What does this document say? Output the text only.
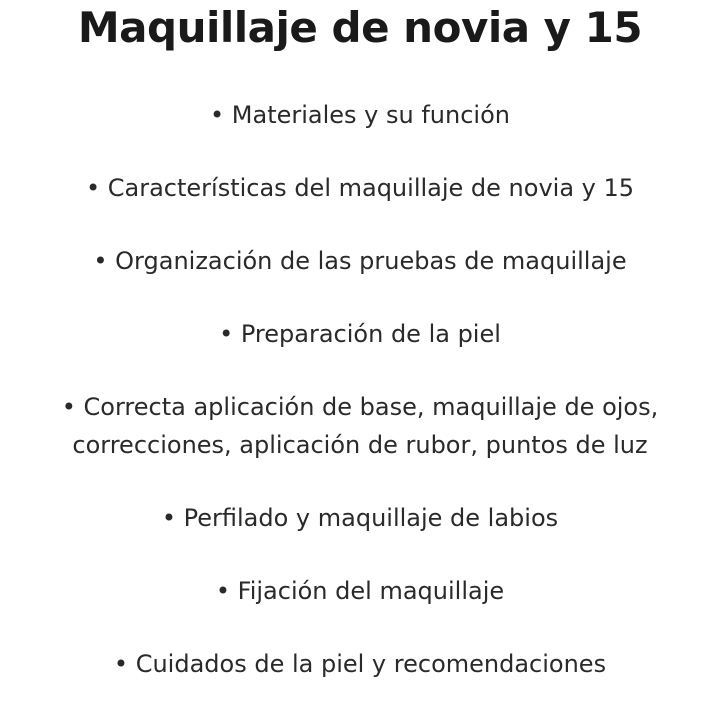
Maquillaje de novia y 15
• Materiales y su función
• Características del maquillaje de novia y 15
• Organización de las pruebas de maquillaje
• Preparación de la piel
• Correcta aplicación de base, maquillaje de ojos,
correcciones, aplicación de rubor, puntos de luz
• Perfilado y maquillaje de labios
• Fijación del maquillaje
• Cuidados de la piel y recomendaciones
